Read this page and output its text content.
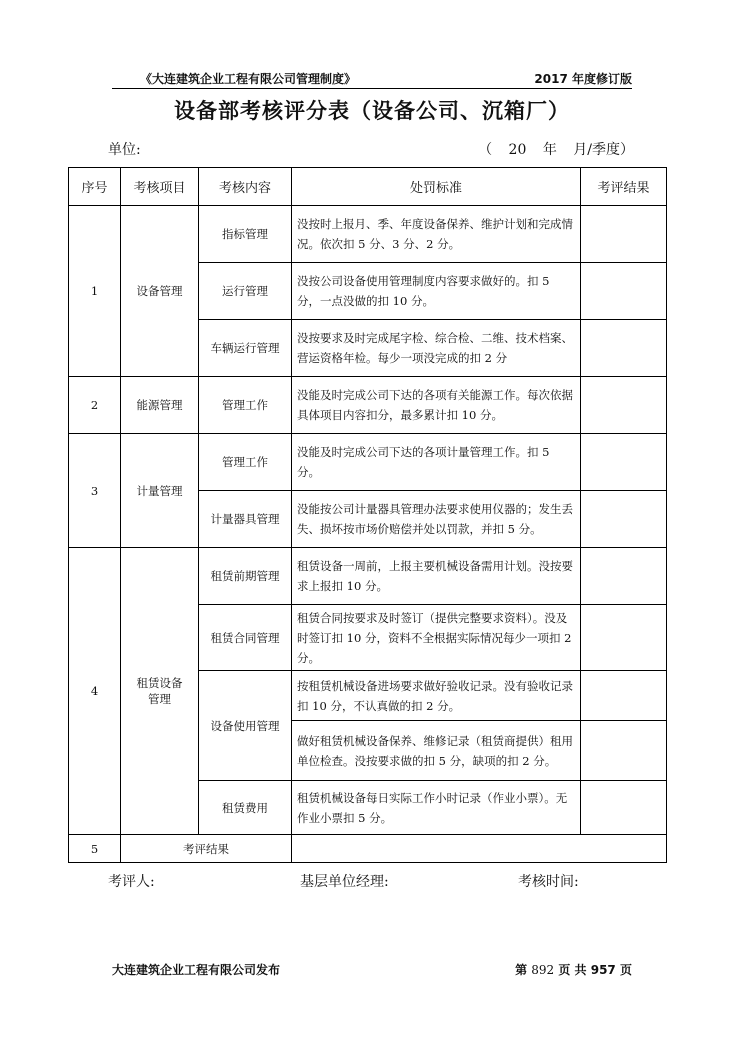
《大连建筑企业工程有限公司管理制度》	2017 年度修订版
设备部考核评分表（设备公司、沉箱厂）
单位:	（ 20 年 月/季度）
序号	考核项目	考核内容	处罚标准	考评结果
1	设备管理	指标管理	没按时上报月、季、年度设备保养、维护计划和完成情况。依次扣 5 分、3 分、2 分。	
		运行管理	没按公司设备使用管理制度内容要求做好的。扣 5 分，一点没做的扣 10 分。	
		车辆运行管理	没按要求及时完成尾字检、综合检、二维、技术档案、营运资格年检。每少一项没完成的扣 2 分	
2	能源管理	管理工作	没能及时完成公司下达的各项有关能源工作。每次依据具体项目内容扣分，最多累计扣 10 分。	
3	计量管理	管理工作	没能及时完成公司下达的各项计量管理工作。扣 5 分。	
		计量器具管理	没能按公司计量器具管理办法要求使用仪器的；发生丢失、损坏按市场价赔偿并处以罚款，并扣 5 分。	
4	租赁设备管理	租赁前期管理	租赁设备一周前，上报主要机械设备需用计划。没按要求上报扣 10 分。	
		租赁合同管理	租赁合同按要求及时签订（提供完整要求资料）。没及时签订扣 10 分，资料不全根据实际情况每少一项扣 2 分。	
		设备使用管理	按租赁机械设备进场要求做好验收记录。没有验收记录扣 10 分，不认真做的扣 2 分。	
			做好租赁机械设备保养、维修记录（租赁商提供）租用单位检查。没按要求做的扣 5 分，缺项的扣 2 分。	
		租赁费用	租赁机械设备每日实际工作小时记录（作业小票）。无作业小票扣 5 分。	
5	考评结果			
考评人:	基层单位经理:	考核时间:
大连建筑企业工程有限公司发布	第 892 页 共 957 页
